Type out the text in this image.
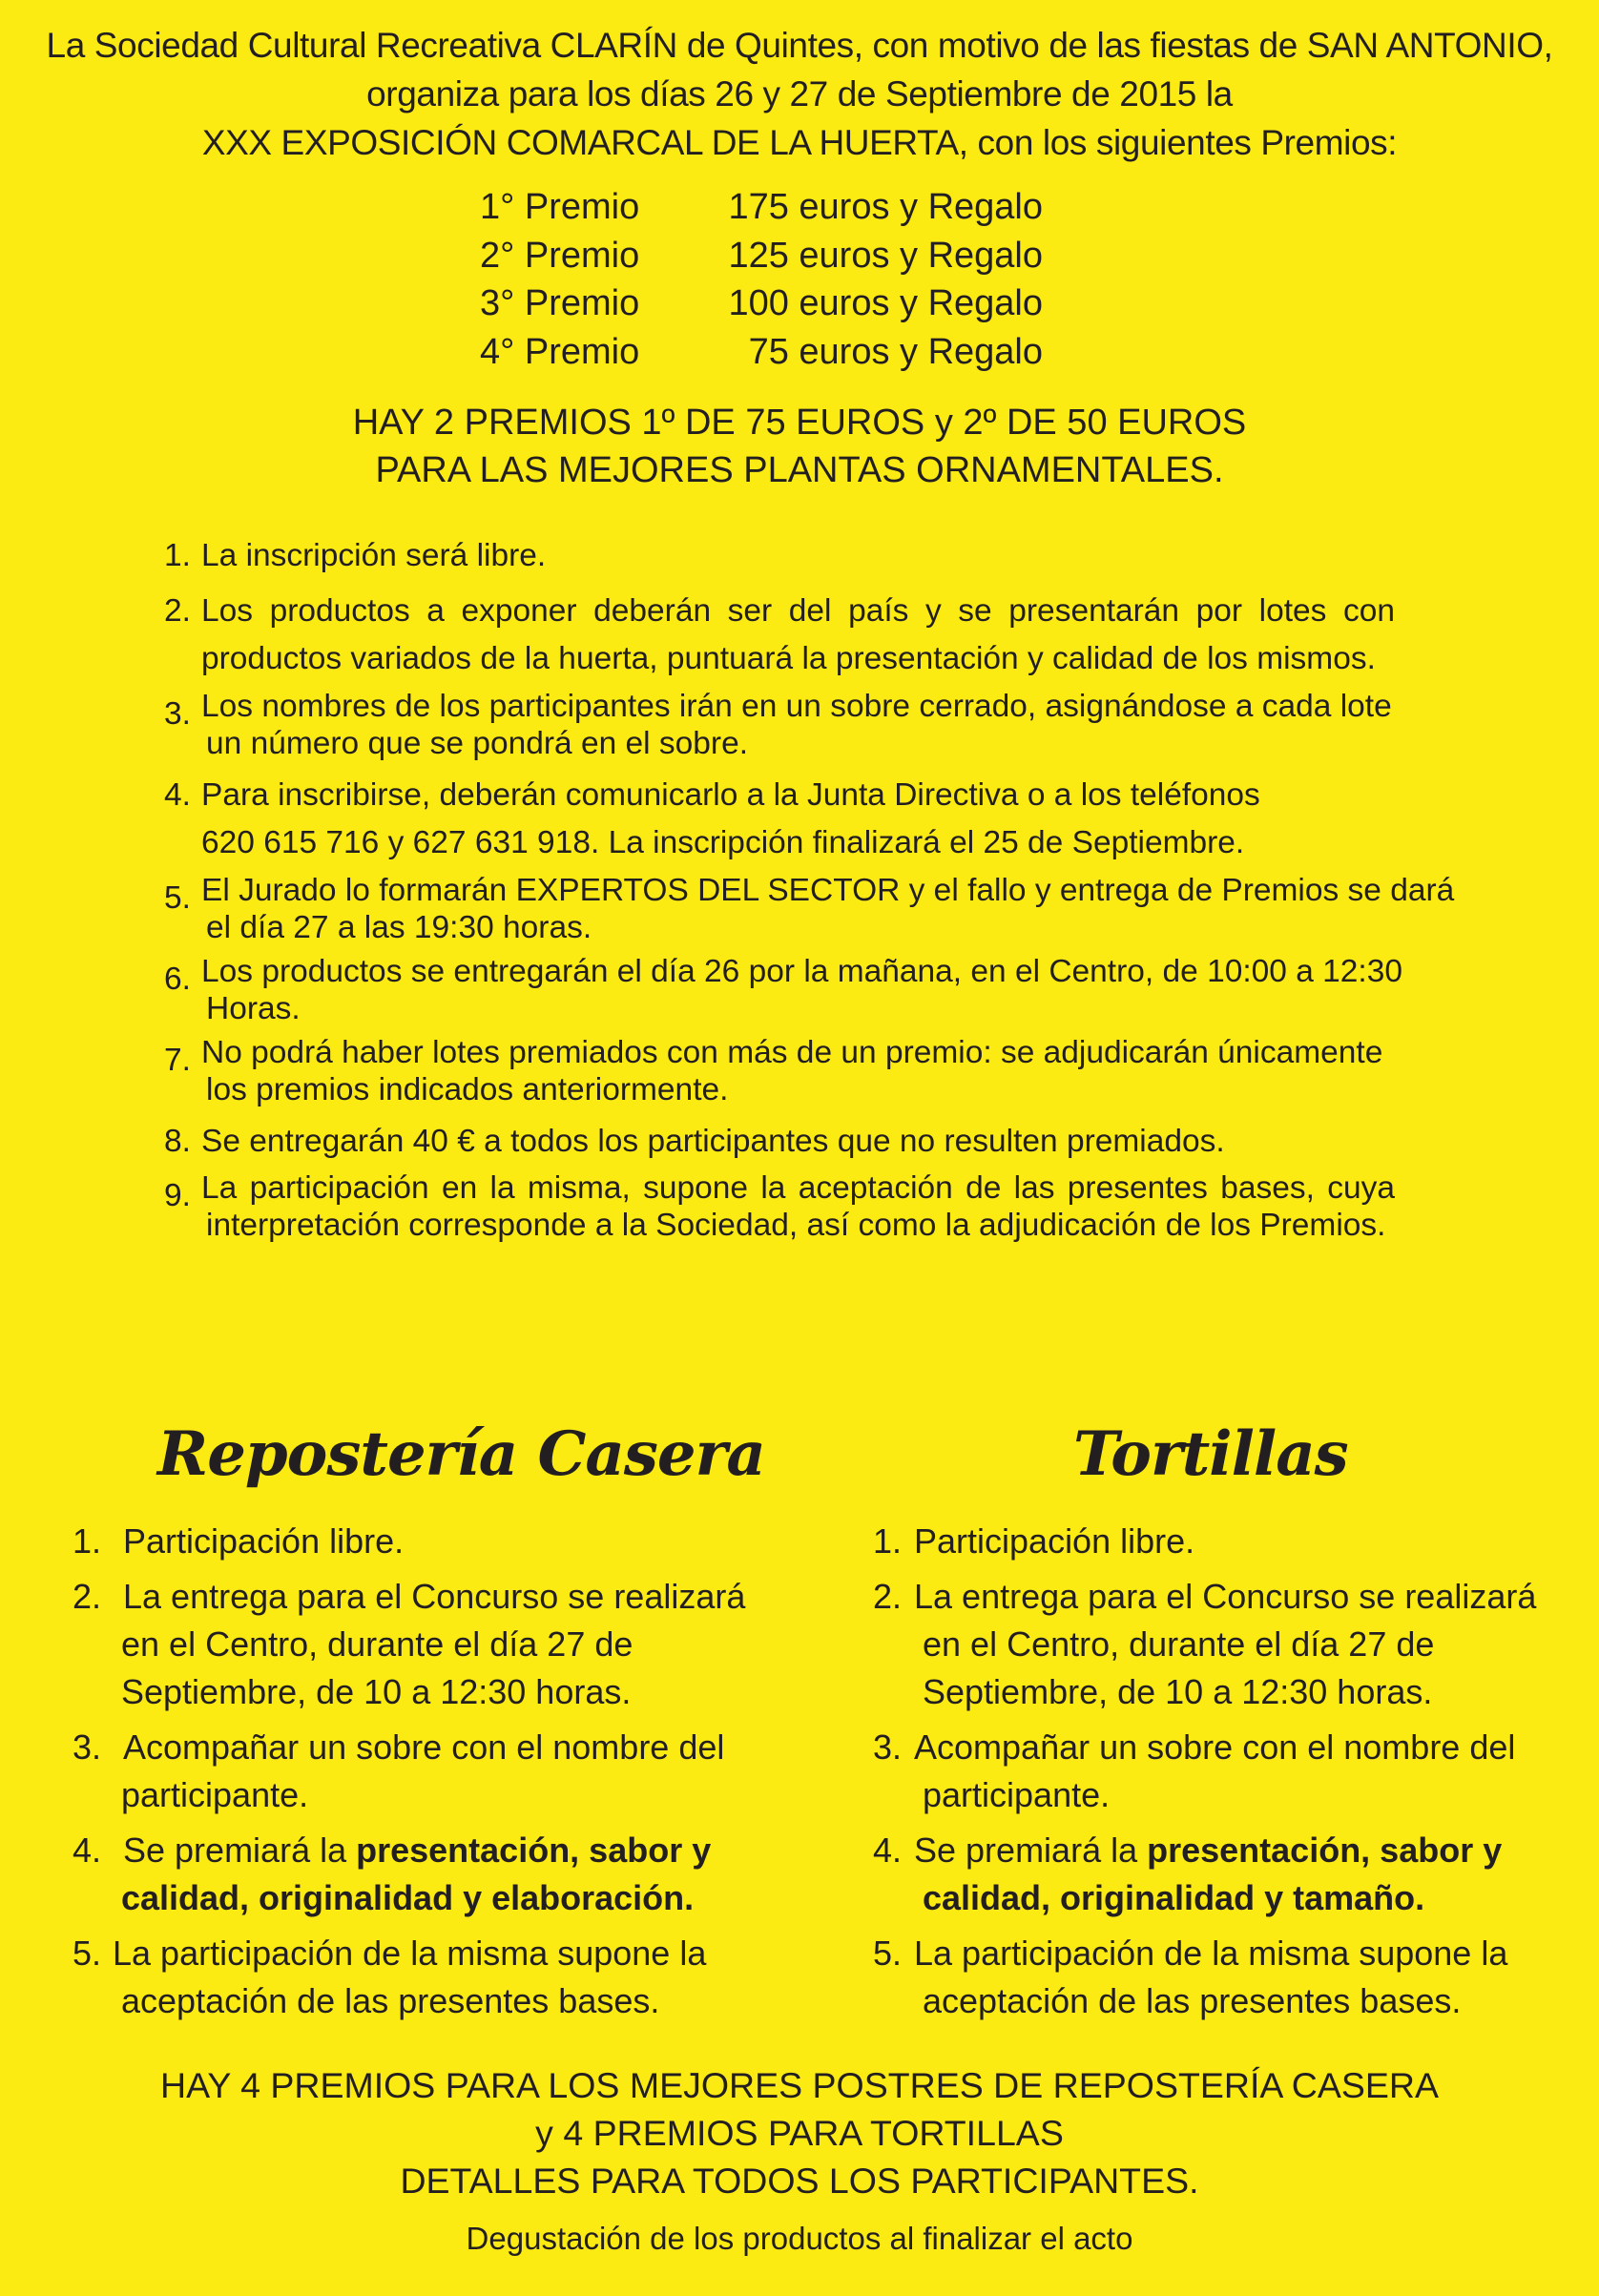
La Sociedad Cultural Recreativa CLARÍN de Quintes, con motivo de las fiestas de SAN ANTONIO,
organiza para los días 26 y 27 de Septiembre de 2015 la
XXX EXPOSICIÓN COMARCAL DE LA HUERTA, con los siguientes Premios:
1° Premio	175 euros y Regalo
2° Premio	125 euros y Regalo
3° Premio	100 euros y Regalo
4° Premio	75 euros y Regalo
HAY 2 PREMIOS 1º DE 75 EUROS y 2º DE 50 EUROS
PARA LAS MEJORES PLANTAS ORNAMENTALES.
1. La inscripción será libre.
2. Los productos a exponer deberán ser del país y se presentarán por lotes con
productos variados de la huerta, puntuará la presentación y calidad de los mismos.
3. Los nombres de los participantes irán en un sobre cerrado, asignándose a cada lote
un número que se pondrá en el sobre.
4. Para inscribirse, deberán comunicarlo a la Junta Directiva o a los teléfonos
620 615 716 y 627 631 918. La inscripción finalizará el 25 de Septiembre.
5. El Jurado lo formarán EXPERTOS DEL SECTOR y el fallo y entrega de Premios se dará
el día 27 a las 19:30 horas.
6. Los productos se entregarán el día 26 por la mañana, en el Centro, de 10:00 a 12:30
Horas.
7. No podrá haber lotes premiados con más de un premio: se adjudicarán únicamente
los premios indicados anteriormente.
8. Se entregarán 40 € a todos los participantes que no resulten premiados.
9. La participación en la misma, supone la aceptación de las presentes bases, cuya
interpretación corresponde a la Sociedad, así como la adjudicación de los Premios.
Repostería Casera	Tortillas
1. Participación libre.
2. La entrega para el Concurso se realizará
en el Centro, durante el día 27 de
Septiembre, de 10 a 12:30 horas.
3. Acompañar un sobre con el nombre del
participante.
4. Se premiará la presentación, sabor y
calidad, originalidad y elaboración.
5. La participación de la misma supone la
aceptación de las presentes bases.
1. Participación libre.
2. La entrega para el Concurso se realizará
en el Centro, durante el día 27 de
Septiembre, de 10 a 12:30 horas.
3. Acompañar un sobre con el nombre del
participante.
4. Se premiará la presentación, sabor y
calidad, originalidad y tamaño.
5. La participación de la misma supone la
aceptación de las presentes bases.
HAY 4 PREMIOS PARA LOS MEJORES POSTRES DE REPOSTERÍA CASERA
y 4 PREMIOS PARA TORTILLAS
DETALLES PARA TODOS LOS PARTICIPANTES.
Degustación de los productos al finalizar el acto
